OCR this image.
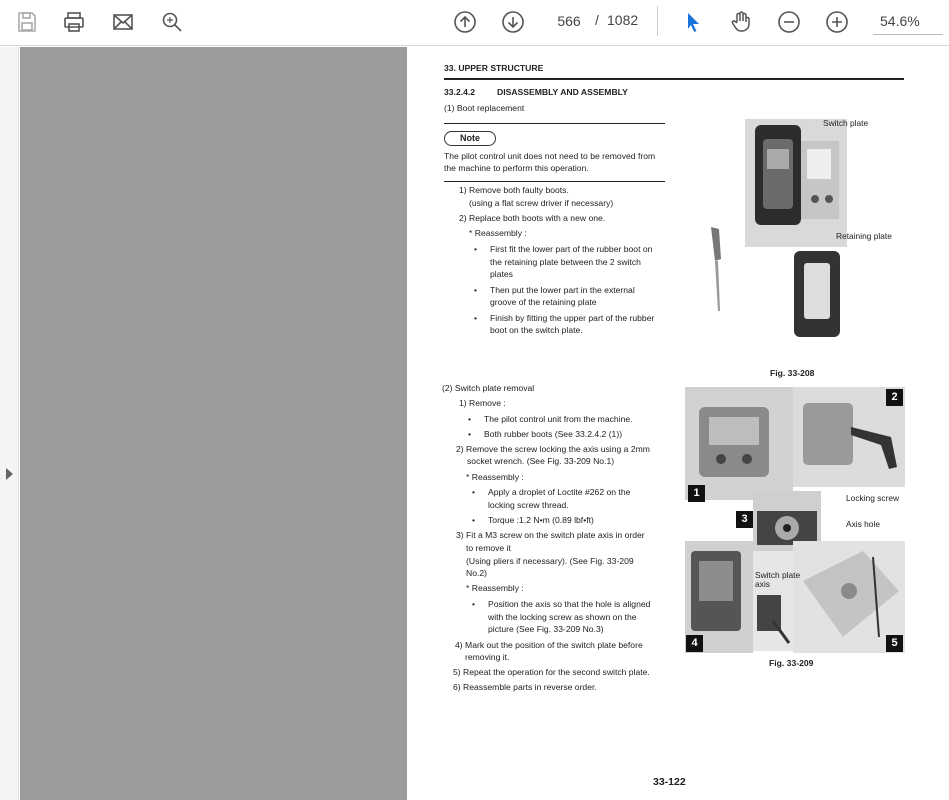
566
/ 1082	54.6%
33. UPPER STRUCTURE
33.2.4.2	DISASSEMBLY AND ASSEMBLY
(1) Boot replacement
Note
The pilot control unit does not need to be removed from
the machine to perform this operation.
1) Remove both faulty boots.
(using a flat screw driver if necessary)
2) Replace both boots with a new one.
* Reassembly :
• First fit the lower part of the rubber boot on
the retaining plate between the 2 switch
plates
• Then put the lower part in the external
groove of the retaining plate
• Finish by fitting the upper part of the rubber
boot on the switch plate.
Switch plate
Retaining plate
Fig. 33-208
(2) Switch plate removal
1) Remove :
• The pilot control unit from the machine.
• Both rubber boots (See 33.2.4.2 (1))
2) Remove the screw locking the axis using a 2mm
socket wrench. (See Fig. 33-209 No.1)
* Reassembly :
• Apply a droplet of Loctite #262 on the
locking screw thread.
• Torque :1.2 N•m (0.89 lbf•ft)
3) Fit a M3 screw on the switch plate axis in order
to remove it
(Using pliers if necessary). (See Fig. 33-209
No.2)
* Reassembly :
• Position the axis so that the hole is aligned
with the locking screw as shown on the
picture (See Fig. 33-209 No.3)
4) Mark out the position of the switch plate before
removing it.
5) Repeat the operation for the second switch plate.
6) Reassemble parts in reverse order.
1
2
3
4	5
Locking screw
Axis hole
Switch plate
axis
Fig. 33-209
33-122
